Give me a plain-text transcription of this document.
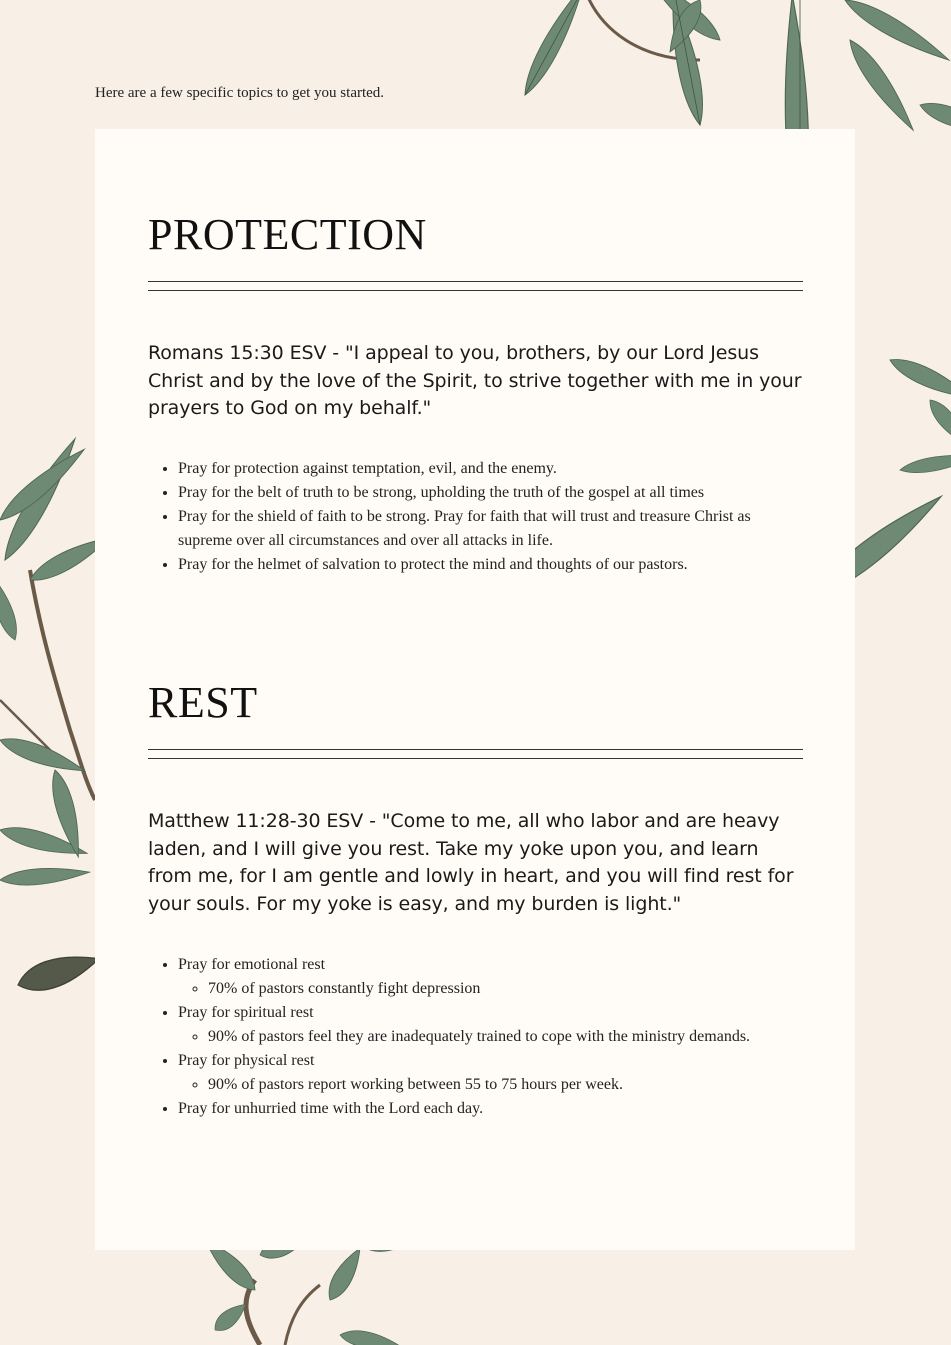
Here are a few specific topics to get you started.

PROTECTION

Romans 15:30 ESV - "I appeal to you, brothers, by our Lord Jesus Christ and by the love of the Spirit, to strive together with me in your prayers to God on my behalf."

• Pray for protection against temptation, evil, and the enemy.
• Pray for the belt of truth to be strong, upholding the truth of the gospel at all times
• Pray for the shield of faith to be strong. Pray for faith that will trust and treasure Christ as supreme over all circumstances and over all attacks in life.
• Pray for the helmet of salvation to protect the mind and thoughts of our pastors.
REST

Matthew 11:28-30 ESV - "Come to me, all who labor and are heavy laden, and I will give you rest. Take my yoke upon you, and learn from me, for I am gentle and lowly in heart, and you will find rest for your souls. For my yoke is easy, and my burden is light."

• Pray for emotional rest
◦ 70% of pastors constantly fight depression
• Pray for spiritual rest
◦ 90% of pastors feel they are inadequately trained to cope with the ministry demands.
• Pray for physical rest
◦ 90% of pastors report working between 55 to 75 hours per week.
• Pray for unhurried time with the Lord each day.
